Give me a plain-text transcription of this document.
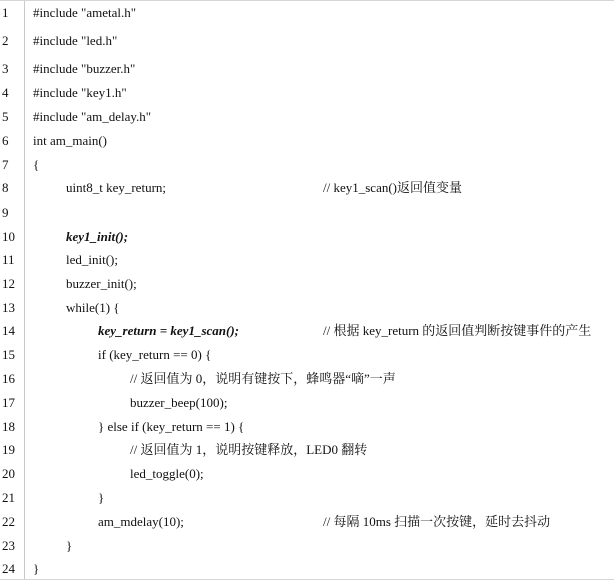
1	#include "ametal.h"
2	#include "led.h"
3	#include "buzzer.h"
4	#include "key1.h"
5	#include "am_delay.h"
6	int am_main()
7	{
8	uint8_t key_return;	// key1_scan()返回值变量
9
10	key1_init();
11	led_init();
12	buzzer_init();
13	while(1) {
14	key_return = key1_scan();	// 根据 key_return 的返回值判断按键事件的产生
15	if (key_return == 0) {
16	// 返回值为 0，说明有键按下，蜂鸣器“嘀”一声
17	buzzer_beep(100);
18	} else if (key_return == 1) {
19	// 返回值为 1，说明按键释放，LED0 翻转
20	led_toggle(0);
21	}
22	am_mdelay(10);	// 每隔 10ms 扫描一次按键，延时去抖动
23	}
24	}
